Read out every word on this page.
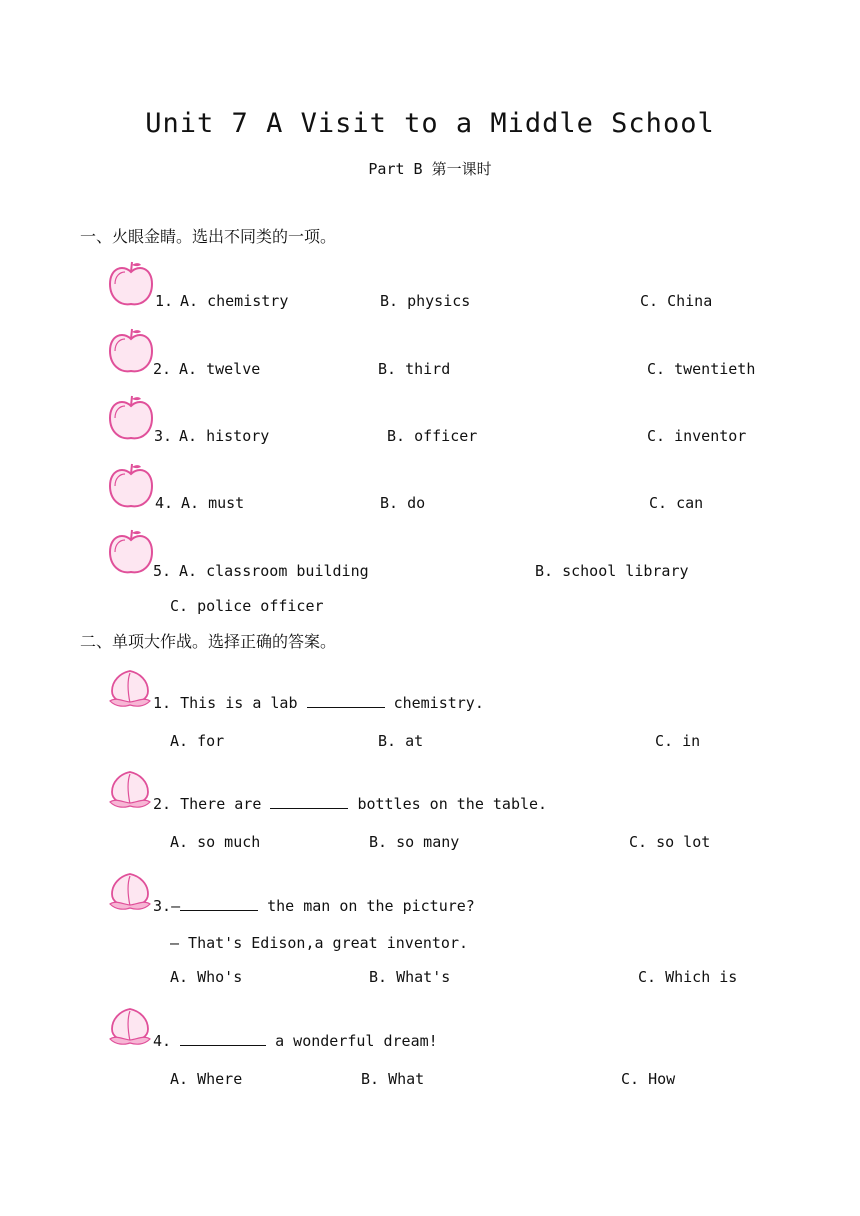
Unit 7 A Visit to a Middle School
Part B 第一课时
一、火眼金睛。选出不同类的一项。
1. A. chemistry	B. physics	C. China
2. A. twelve	B. third	C. twentieth
3. A. history	B. officer	C. inventor
4. A. must	B. do	C. can
5. A. classroom building	B. school library
C. police officer
二、单项大作战。选择正确的答案。
1. This is a lab	chemistry.
A. for	B. at	C. in
2. There are	bottles on the table.
A. so much	B. so many	C. so lot
3.—	the man on the picture?
— That's Edison,a great inventor.
A. Who's	B. What's	C. Which is
4.	a wonderful dream!
A. Where	B. What	C. How
